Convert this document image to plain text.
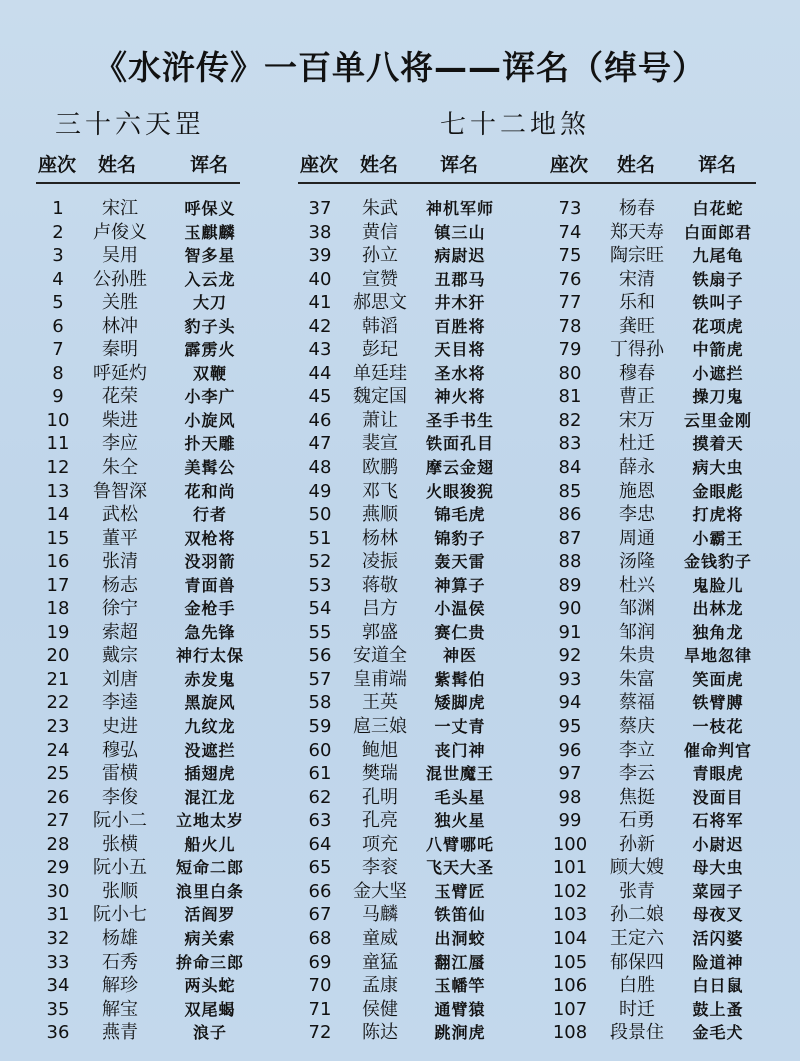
《水浒传》一百单八将——诨名（绰号）
三十六天罡	七十二地煞
座次 姓名	诨名	座次 姓名 诨名	座次 姓名 诨名
1	宋江	呼保义
2	卢俊义	玉麒麟
3	吴用	智多星
4	公孙胜	入云龙
5	关胜	大刀
6	林冲	豹子头
7	秦明	霹雳火
8	呼延灼	双鞭
9	花荣	小李广
10	柴进	小旋风
11	李应	扑天雕
12	朱仝	美髯公
13	鲁智深	花和尚
14	武松	行者
15	董平	双枪将
16	张清	没羽箭
17	杨志	青面兽
18	徐宁	金枪手
19	索超	急先锋
20	戴宗	神行太保
21	刘唐	赤发鬼
22	李逵	黑旋风
23	史进	九纹龙
24	穆弘	没遮拦
25	雷横	插翅虎
26	李俊	混江龙
27	阮小二	立地太岁
28	张横	船火儿
29	阮小五	短命二郎
30	张顺	浪里白条
31	阮小七	活阎罗
32	杨雄	病关索
33	石秀	拚命三郎
34	解珍	两头蛇
35	解宝	双尾蝎
36	燕青	浪子
37	朱武	神机军师
38	黄信	镇三山
39	孙立	病尉迟
40	宣赞	丑郡马
41	郝思文	井木犴
42	韩滔	百胜将
43	彭玘	天目将
44	单廷珪	圣水将
45	魏定国	神火将
46	萧让	圣手书生
47	裴宣	铁面孔目
48	欧鹏	摩云金翅
49	邓飞	火眼狻猊
50	燕顺	锦毛虎
51	杨林	锦豹子
52	凌振	轰天雷
53	蒋敬	神算子
54	吕方	小温侯
55	郭盛	赛仁贵
56	安道全	神医
57	皇甫端	紫髯伯
58	王英	矮脚虎
59	扈三娘	一丈青
60	鲍旭	丧门神
61	樊瑞	混世魔王
62	孔明	毛头星
63	孔亮	独火星
64	项充	八臂哪吒
65	李衮	飞天大圣
66	金大坚	玉臂匠
67	马麟	铁笛仙
68	童威	出洞蛟
69	童猛	翻江蜃
70	孟康	玉幡竿
71	侯健	通臂猿
72	陈达	跳涧虎
73	杨春	白花蛇
74	郑天寿	白面郎君
75	陶宗旺	九尾龟
76	宋清	铁扇子
77	乐和	铁叫子
78	龚旺	花项虎
79	丁得孙	中箭虎
80	穆春	小遮拦
81	曹正	操刀鬼
82	宋万	云里金刚
83	杜迁	摸着天
84	薛永	病大虫
85	施恩	金眼彪
86	李忠	打虎将
87	周通	小霸王
88	汤隆	金钱豹子
89	杜兴	鬼脸儿
90	邹渊	出林龙
91	邹润	独角龙
92	朱贵	旱地忽律
93	朱富	笑面虎
94	蔡福	铁臂膊
95	蔡庆	一枝花
96	李立	催命判官
97	李云	青眼虎
98	焦挺	没面目
99	石勇	石将军
100	孙新	小尉迟
101	顾大嫂	母大虫
102	张青	菜园子
103	孙二娘	母夜叉
104	王定六	活闪婆
105	郁保四	险道神
106	白胜	白日鼠
107	时迁	鼓上蚤
108	段景住	金毛犬
